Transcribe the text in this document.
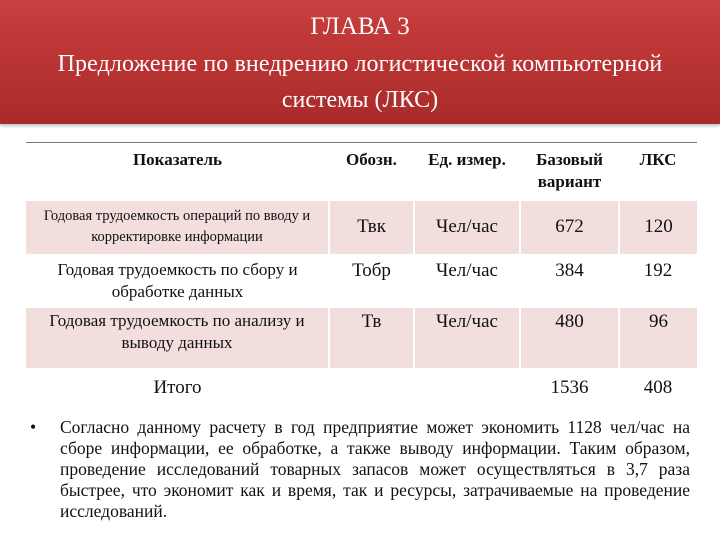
ГЛАВА 3
Предложение по внедрению логистической компьютерной
системы (ЛКС)
Показатель	Обозн.	Ед. измер.	Базовый вариант	ЛКС
Годовая трудоемкость операций по вводу и корректировке информации	Твк	Чел/час	672	120
Годовая трудоемкость по сбору и обработке данных	Тобр	Чел/час	384	192
Годовая трудоемкость по анализу и выводу данных	Тв	Чел/час	480	96
Итого			1536	408
• Согласно данному расчету в год предприятие может экономить 1128 чел/час на сборе информации, ее обработке, а также выводу информации. Таким образом, проведение исследований товарных запасов может осуществляться в 3,7 раза быстрее, что экономит как и время, так и ресурсы, затрачиваемые на проведение исследований.
